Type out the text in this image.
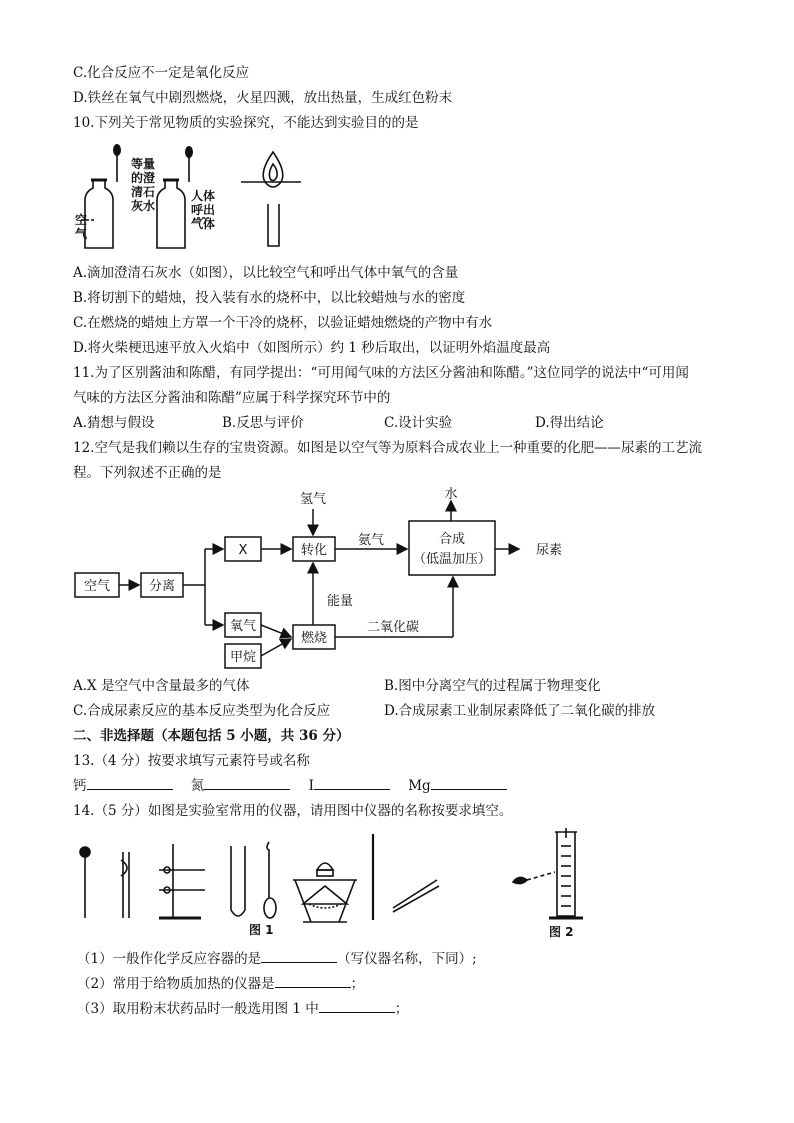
C.化合反应不一定是氧化反应
D.铁丝在氧气中剧烈燃烧，火星四溅，放出热量，生成红色粉末
10.下列关于常见物质的实验探究，不能达到实验目的的是
空
气
等量
的澄
清石
灰水
人体
呼出
气体
A.滴加澄清石灰水（如图），以比较空气和呼出气体中氧气的含量
B.将切割下的蜡烛，投入装有水的烧杯中，以比较蜡烛与水的密度
C.在燃烧的蜡烛上方罩一个干冷的烧杯，以验证蜡烛燃烧的产物中有水
D.将火柴梗迅速平放入火焰中（如图所示）约 1 秒后取出，以证明外焰温度最高
11.为了区别酱油和陈醋，有同学提出：“可用闻气味的方法区分酱油和陈醋。”这位同学的说法中“可用闻
气味的方法区分酱油和陈醋”应属于科学探究环节中的
A.猜想与假设	B.反思与评价	C.设计实验	D.得出结论
12.空气是我们赖以生存的宝贵资源。如图是以空气等为原料合成农业上一种重要的化肥——尿素的工艺流
程。下列叙述不正确的是
空气	分离
X	转化
氢气
氨气	合成
（低温加压）
尿素
水
能量
氧气
甲烷
燃烧
二氧化碳
A.X 是空气中含量最多的气体	B.图中分离空气的过程属于物理变化
C.合成尿素反应的基本反应类型为化合反应	D.合成尿素工业制尿素降低了二氧化碳的排放
二、非选择题（本题包括 5 小题，共 36 分）
13.（4 分）按要求填写元素符号或名称
钙	氮	I	Mg
14.（5 分）如图是实验室常用的仪器，请用图中仪器的名称按要求填空。
图 1	图 2
（1）一般作化学反应容器的是	（写仪器名称，下同）;
（2）常用于给物质加热的仪器是	；
（3）取用粉末状药品时一般选用图 1 中	；
